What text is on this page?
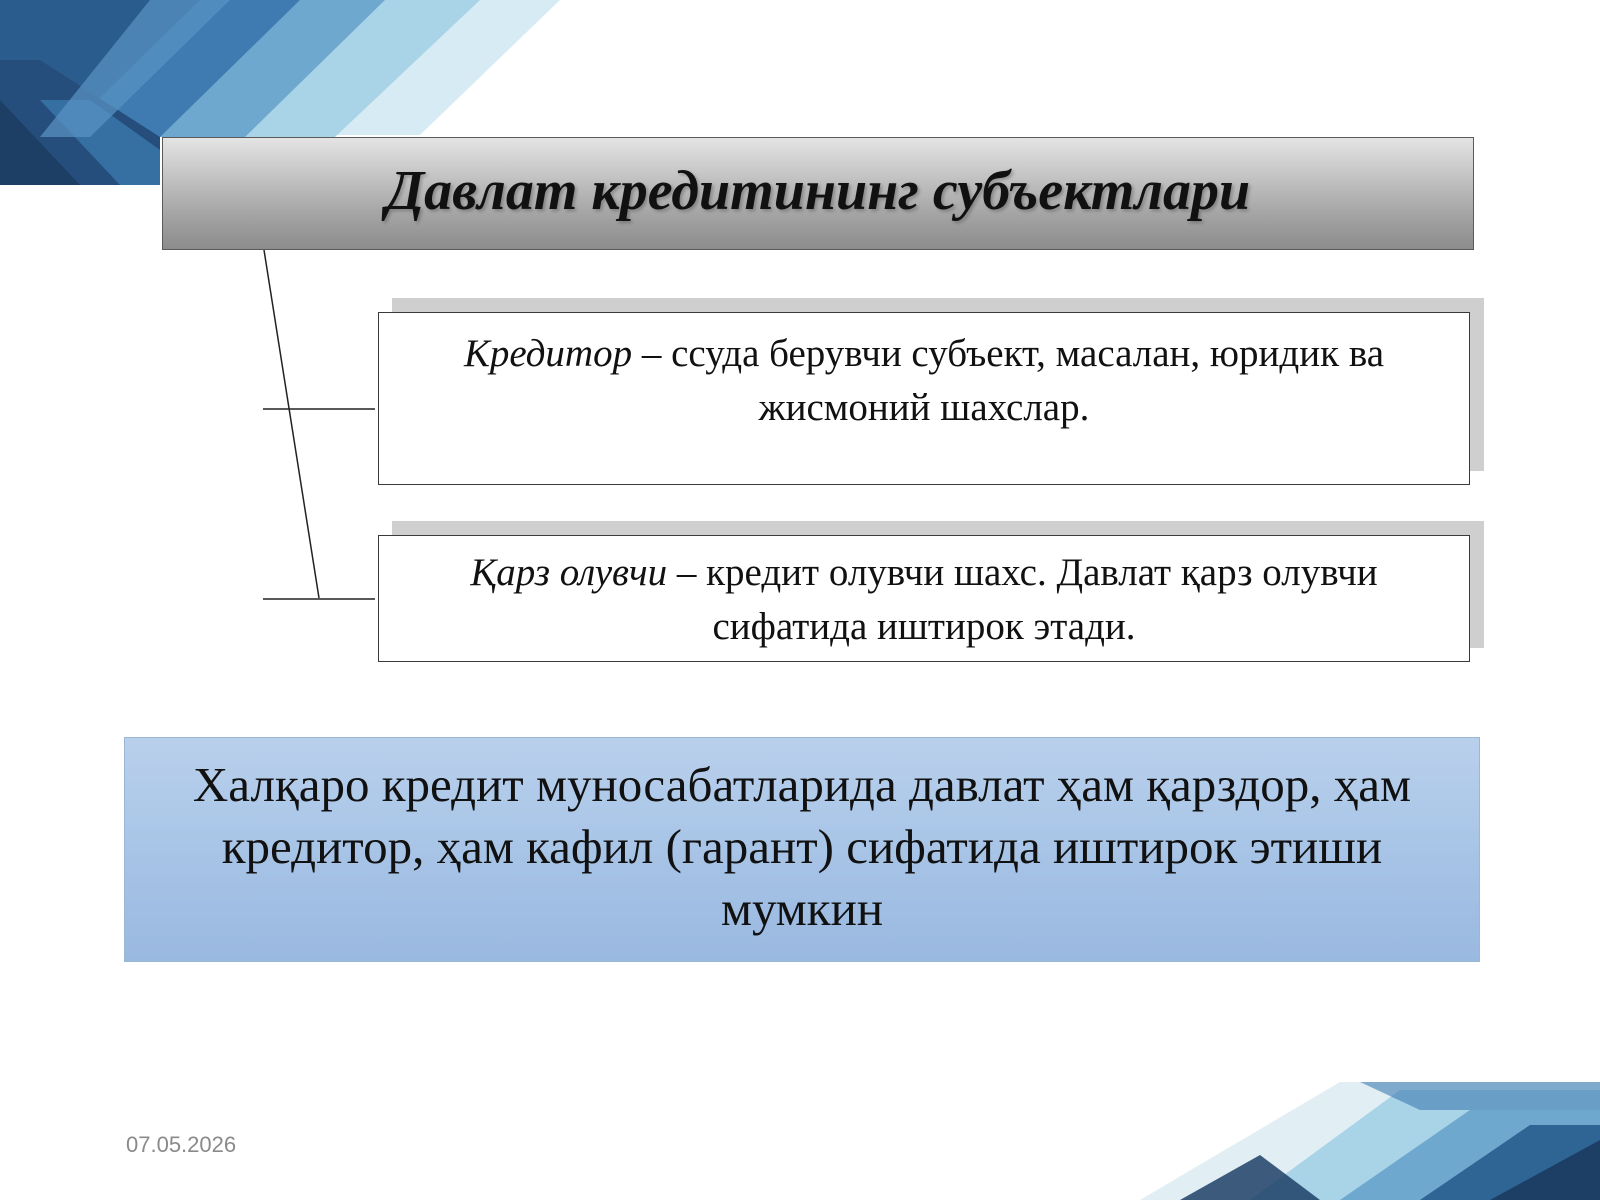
Давлат кредитининг субъектлари
Кредитор – ссуда берувчи субъект, масалан, юридик ва жисмоний шахслар.
Қарз олувчи – кредит олувчи шахс. Давлат қарз олувчи сифатида иштирок этади.
Халқаро кредит муносабатларида давлат ҳам қарздор, ҳам кредитор, ҳам кафил (гарант) сифатида иштирок этиши мумкин
07.05.2026
